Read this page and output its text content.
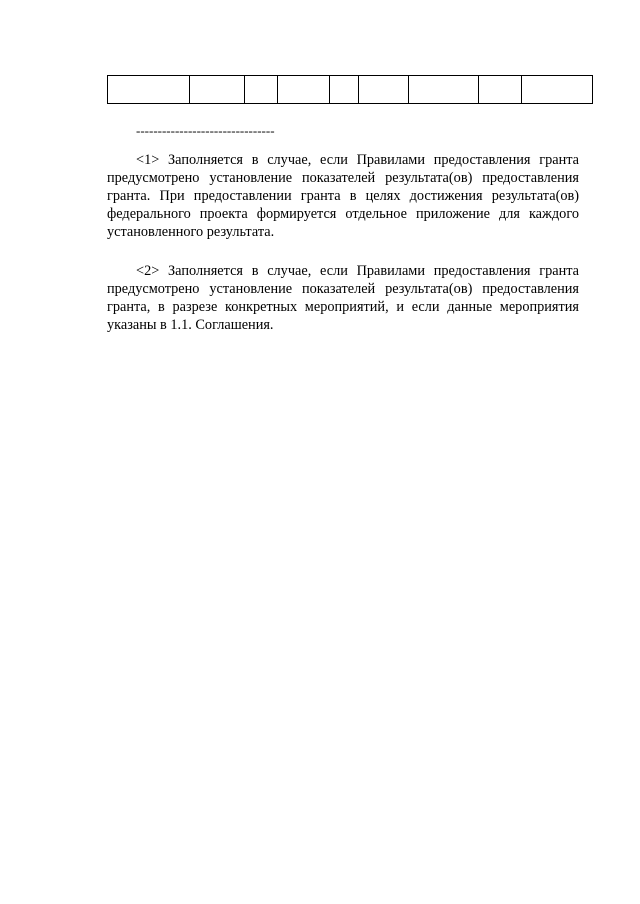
--------------------------------

<1> Заполняется в случае, если Правилами предоставления гранта предусмотрено установление показателей результата(ов) предоставления гранта. При предоставлении гранта в целях достижения результата(ов) федерального проекта формируется отдельное приложение для каждого установленного результата.

<2> Заполняется в случае, если Правилами предоставления гранта предусмотрено установление показателей результата(ов) предоставления гранта, в разрезе конкретных мероприятий, и если данные мероприятия указаны в 1.1. Соглашения.
